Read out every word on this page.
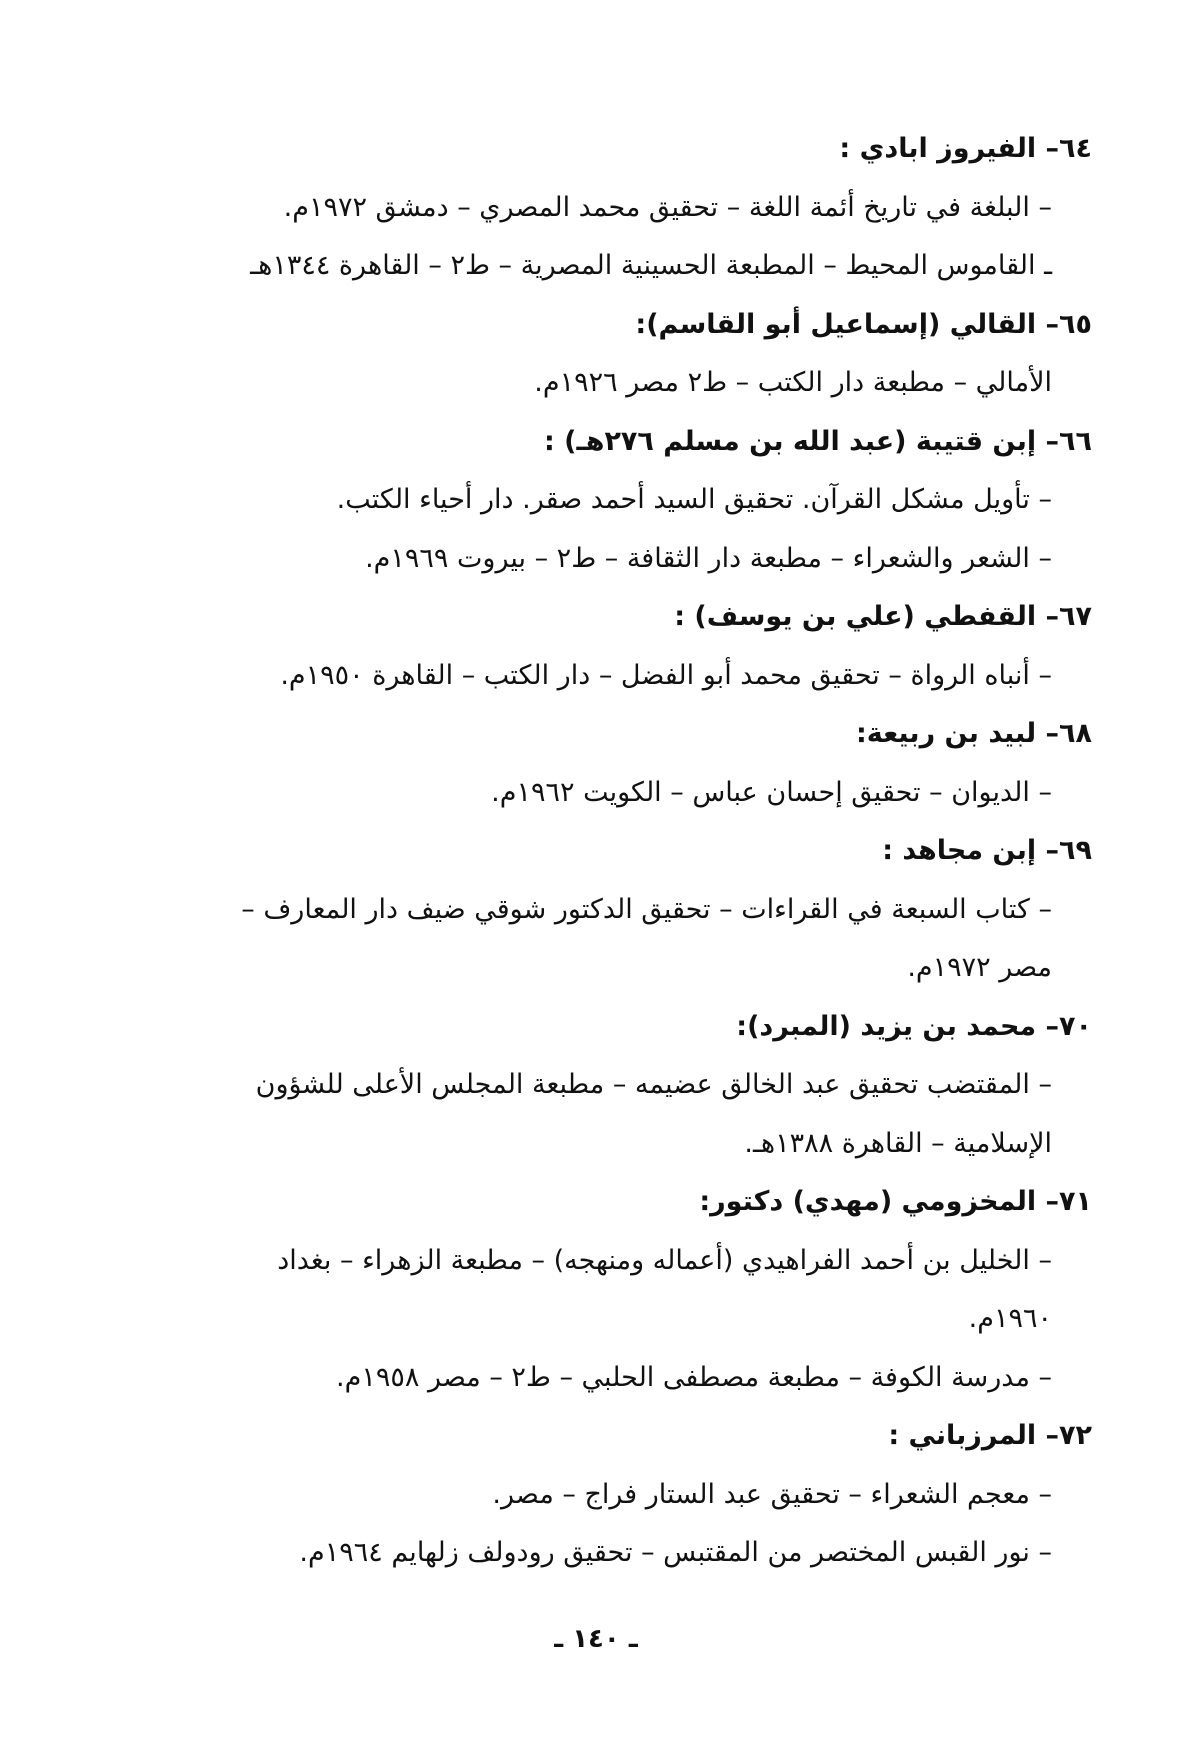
٦٤– الفيروز ابادي :
– البلغة في تاريخ أئمة اللغة – تحقيق محمد المصري – دمشق ١٩٧٢م.
ـ القاموس المحيط – المطبعة الحسينية المصرية – ط٢ – القاهرة ١٣٤٤هـ
٦٥– القالي (إسماعيل أبو القاسم):
الأمالي – مطبعة دار الكتب – ط٢ مصر ١٩٢٦م.
٦٦– إبن قتيبة (عبد الله بن مسلم ٢٧٦هـ) :
– تأويل مشكل القرآن. تحقيق السيد أحمد صقر. دار أحياء الكتب.
– الشعر والشعراء – مطبعة دار الثقافة – ط٢ – بيروت ١٩٦٩م.
٦٧– القفطي (علي بن يوسف) :
– أنباه الرواة – تحقيق محمد أبو الفضل – دار الكتب – القاهرة ١٩٥٠م.
٦٨– لبيد بن ربيعة:
– الديوان – تحقيق إحسان عباس – الكويت ١٩٦٢م.
٦٩– إبن مجاهد :
– كتاب السبعة في القراءات – تحقيق الدكتور شوقي ضيف دار المعارف –
مصر ١٩٧٢م.
٧٠– محمد بن يزيد (المبرد):
– المقتضب تحقيق عبد الخالق عضيمه – مطبعة المجلس الأعلى للشؤون
الإسلامية – القاهرة ١٣٨٨هـ.
٧١– المخزومي (مهدي) دكتور:
– الخليل بن أحمد الفراهيدي (أعماله ومنهجه) – مطبعة الزهراء – بغداد
١٩٦٠م.
– مدرسة الكوفة – مطبعة مصطفى الحلبي – ط٢ – مصر ١٩٥٨م.
٧٢– المرزباني :
– معجم الشعراء – تحقيق عبد الستار فراج – مصر.
– نور القبس المختصر من المقتبس – تحقيق رودولف زلهايم ١٩٦٤م.
ـ ١٤٠ ـ
